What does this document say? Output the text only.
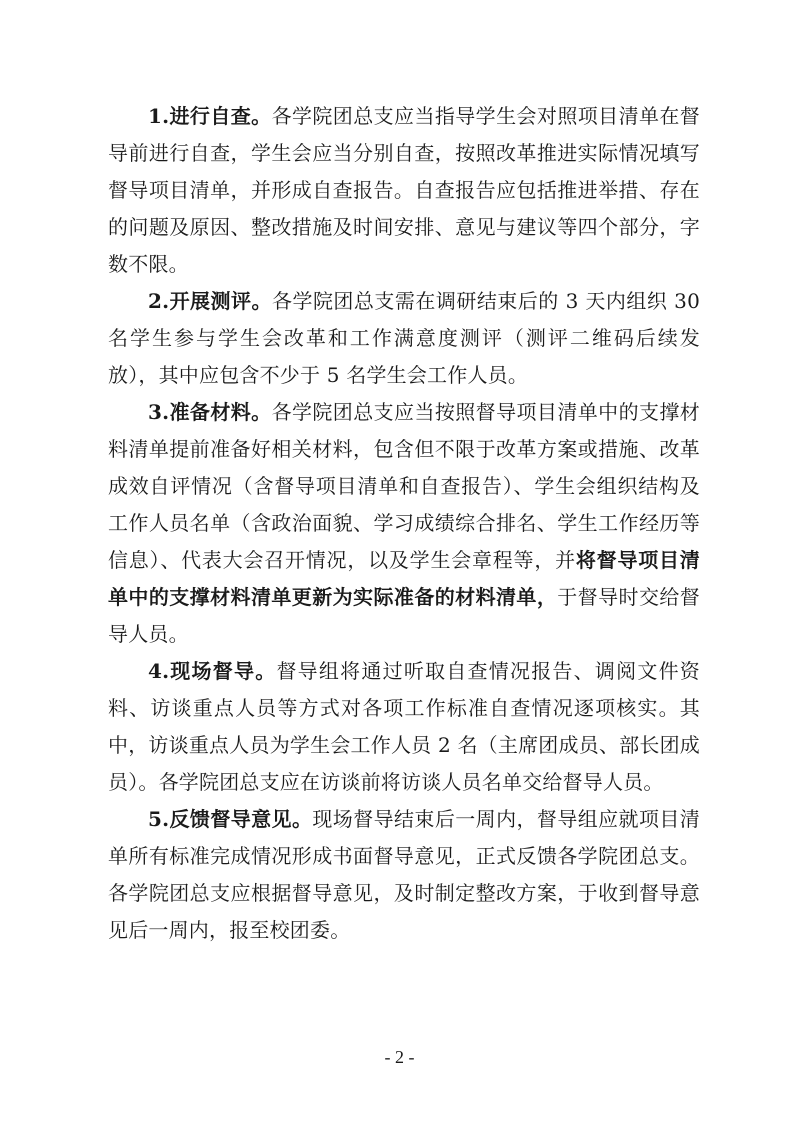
1.进行自查。各学院团总支应当指导学生会对照项目清单在督导前进行自查，学生会应当分别自查，按照改革推进实际情况填写督导项目清单，并形成自查报告。自查报告应包括推进举措、存在的问题及原因、整改措施及时间安排、意见与建议等四个部分，字数不限。

2.开展测评。各学院团总支需在调研结束后的 3 天内组织 30 名学生参与学生会改革和工作满意度测评（测评二维码后续发放），其中应包含不少于 5 名学生会工作人员。

3.准备材料。各学院团总支应当按照督导项目清单中的支撑材料清单提前准备好相关材料，包含但不限于改革方案或措施、改革成效自评情况（含督导项目清单和自查报告）、学生会组织结构及工作人员名单（含政治面貌、学习成绩综合排名、学生工作经历等信息）、代表大会召开情况，以及学生会章程等，并将督导项目清单中的支撑材料清单更新为实际准备的材料清单，于督导时交给督导人员。

4.现场督导。督导组将通过听取自查情况报告、调阅文件资料、访谈重点人员等方式对各项工作标准自查情况逐项核实。其中，访谈重点人员为学生会工作人员 2 名（主席团成员、部长团成员）。各学院团总支应在访谈前将访谈人员名单交给督导人员。

5.反馈督导意见。现场督导结束后一周内，督导组应就项目清单所有标准完成情况形成书面督导意见，正式反馈各学院团总支。各学院团总支应根据督导意见，及时制定整改方案，于收到督导意见后一周内，报至校团委。

- 2 -
